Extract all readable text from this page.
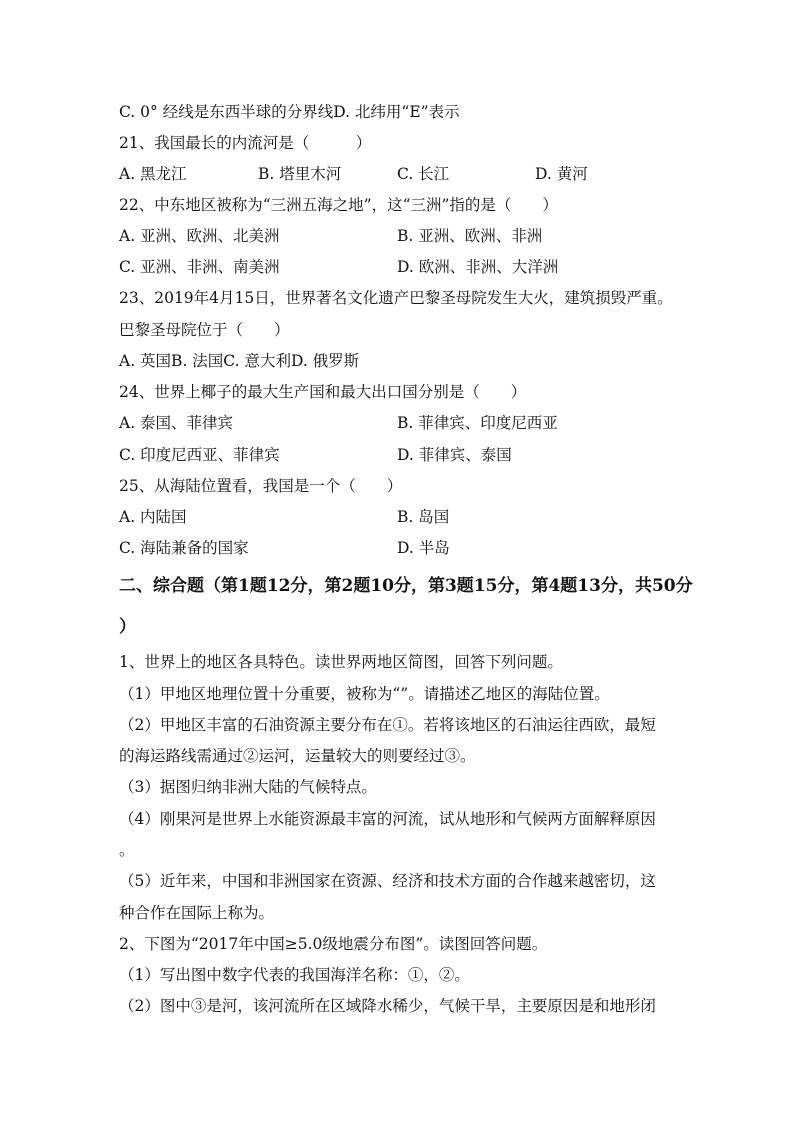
C. 0° 经线是东西半球的分界线D. 北纬用“E”表示
21、我国最长的内流河是（　　　）
A. 黑龙江	B. 塔里木河	C. 长江	D. 黄河
22、中东地区被称为“三洲五海之地”，这“三洲”指的是（　　）
A. 亚洲、欧洲、北美洲	B. 亚洲、欧洲、非洲
C. 亚洲、非洲、南美洲	D. 欧洲、非洲、大洋洲
23、2019年4月15日，世界著名文化遗产巴黎圣母院发生大火，建筑损毁严重。
巴黎圣母院位于（　　）
A. 英国B. 法国C. 意大利D. 俄罗斯
24、世界上椰子的最大生产国和最大出口国分别是（　　）
A. 泰国、菲律宾	B. 菲律宾、印度尼西亚
C. 印度尼西亚、菲律宾	D. 菲律宾、泰国
25、从海陆位置看，我国是一个（　　）
A. 内陆国	B. 岛国
C. 海陆兼备的国家	D. 半岛
二、综合题（第1题12分，第2题10分，第3题15分，第4题13分，共50分
）
1、世界上的地区各具特色。读世界两地区简图，回答下列问题。
（1）甲地区地理位置十分重要，被称为“”。请描述乙地区的海陆位置。
（2）甲地区丰富的石油资源主要分布在①。若将该地区的石油运往西欧，最短
的海运路线需通过②运河，运量较大的则要经过③。
（3）据图归纳非洲大陆的气候特点。
（4）刚果河是世界上水能资源最丰富的河流，试从地形和气候两方面解释原因
。
（5）近年来，中国和非洲国家在资源、经济和技术方面的合作越来越密切，这
种合作在国际上称为。
2、下图为“2017年中国≥5.0级地震分布图”。读图回答问题。
（1）写出图中数字代表的我国海洋名称：①，②。
（2）图中③是河，该河流所在区域降水稀少，气候干旱，主要原因是和地形闭
